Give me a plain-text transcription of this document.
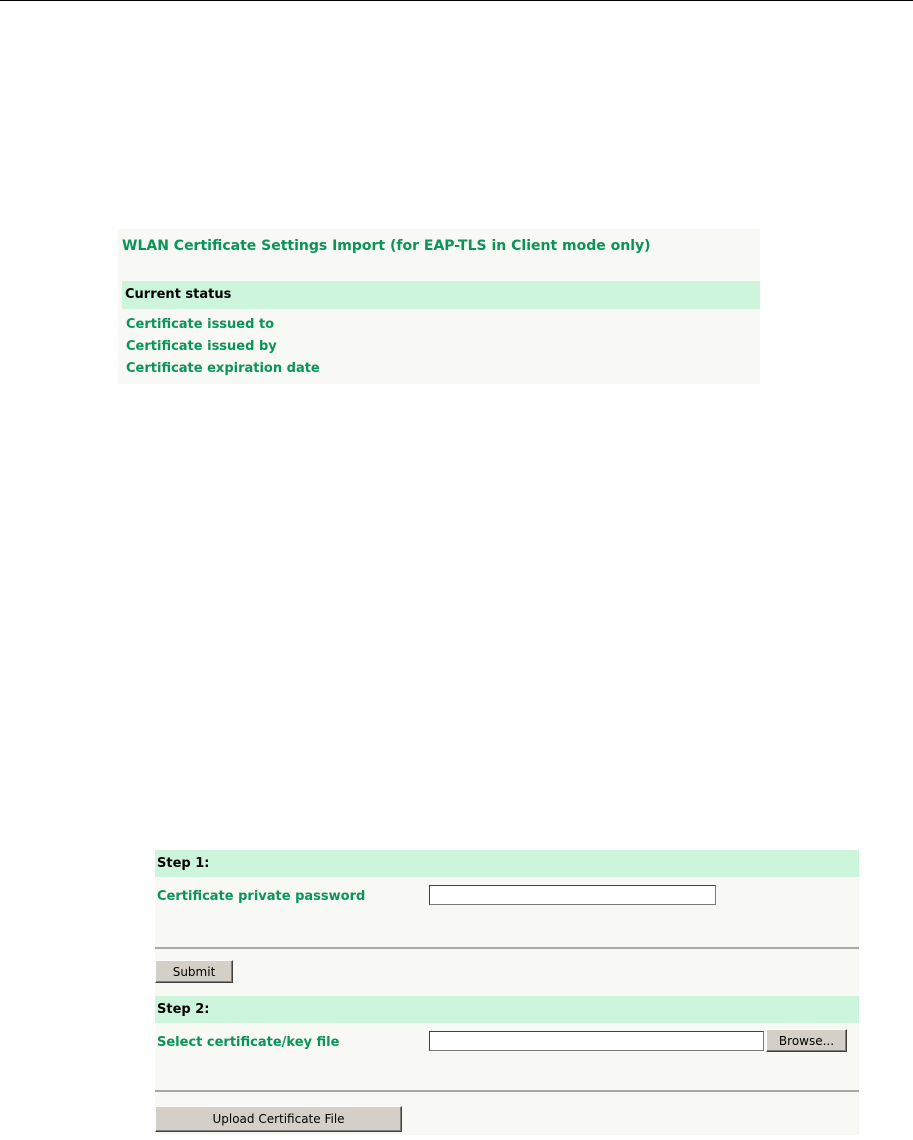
WLAN Certificate Settings Import (for EAP-TLS in Client mode only)
Current status
Certificate issued to
Certificate issued by
Certificate expiration date
Step 1:
Certificate private password
Submit
Step 2:
Select certificate/key file	Browse...
Upload Certificate File
